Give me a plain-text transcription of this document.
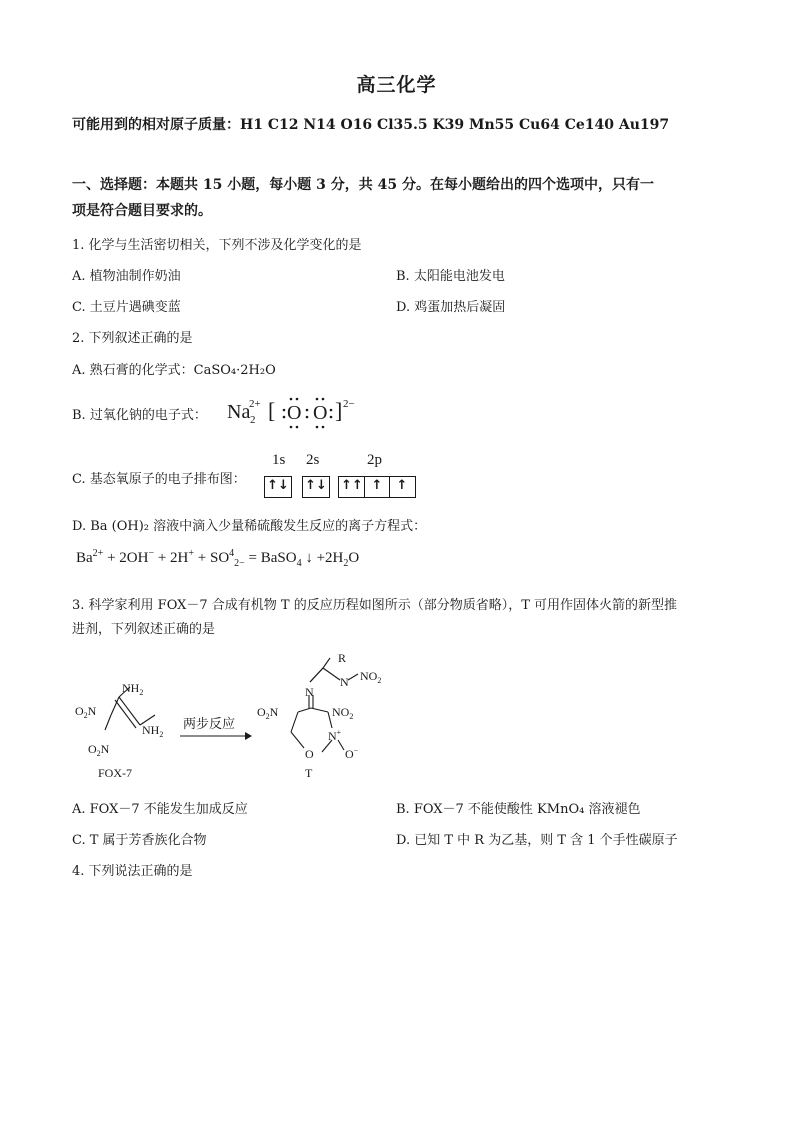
高三化学
可能用到的相对原子质量：H1 C12 N14 O16 Cl35.5 K39 Mn55 Cu64 Ce140 Au197
一、选择题：本题共 15 小题，每小题 3 分，共 45 分。在每小题给出的四个选项中，只有一
项是符合题目要求的。
1. 化学与生活密切相关，下列不涉及化学变化的是
A. 植物油制作奶油	B. 太阳能电池发电
C. 土豆片遇碘变蓝	D. 鸡蛋加热后凝固
2. 下列叙述正确的是
A. 熟石膏的化学式：CaSO₄·2H₂O
B. 过氧化钠的电子式： Na
2+
2 [ O O ] 2−
C. 基态氧原子的电子排布图：
1s 2s	2p
↑↓ ↑↓ ↑↑ ↑	↑
D. Ba (OH)₂ 溶液中滴入少量稀硫酸发生反应的离子方程式：
$Ba^{2+} + 2OH^- + 2H^+ + SO^4_{2-}$ = BaSO$_4$ ↓ $+2H_2O$
3. 科学家利用 FOX－7 合成有机物 T 的反应历程如图所示（部分物质省略），T 可用作固体火箭的新型推
进剂，下列叙述正确的是
$NH_2$
$NH_2$
$O_2N$
$O_2N$
FOX-7
两步反应
R
N $NO_2$
N
$O_2N$	$NO_2$
N+
O	O−
T
A. FOX－7 不能发生加成反应	B. FOX－7 不能使酸性 KMnO₄ 溶液褪色
C. T 属于芳香族化合物	D. 已知 T 中 R 为乙基，则 T 含 1 个手性碳原子
4. 下列说法正确的是
